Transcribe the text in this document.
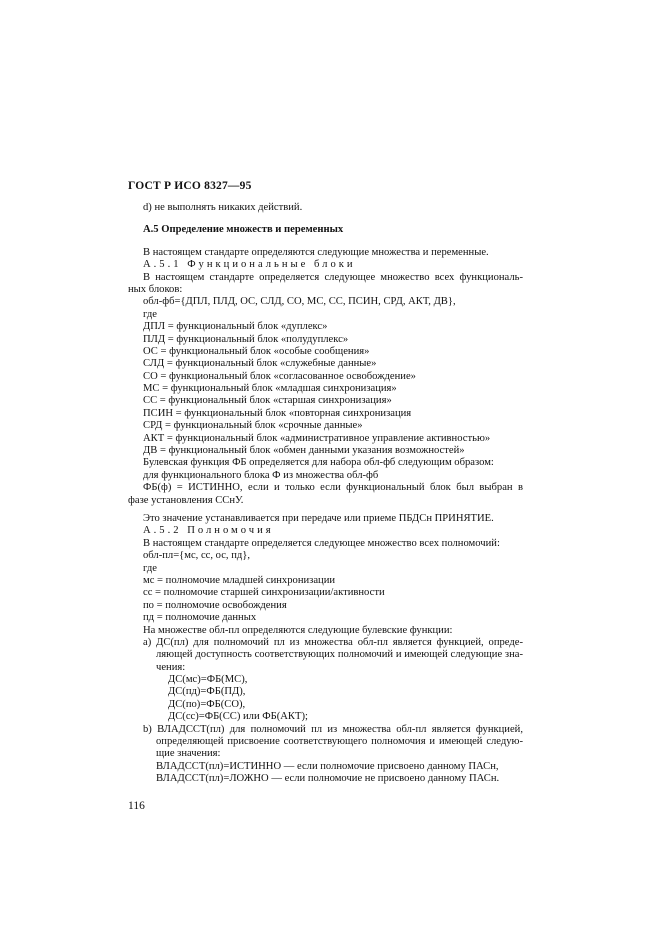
ГОСТ Р ИСО 8327—95
d) не выполнять никаких действий.
А.5 Определение множеств и переменных
В настоящем стандарте определяются следующие множества и переменные.
А.5.1 Функциональные блоки
В настоящем стандарте определяется следующее множество всех функциональ-
ных блоков:
обл-фб={ДПЛ, ПЛД, ОС, СЛД, СО, МС, СС, ПСИН, СРД, АКТ, ДВ},
где
ДПЛ = функциональный блок «дуплекс»
ПЛД = функциональный блок «полудуплекс»
ОС = функциональный блок «особые сообщения»
СЛД = функциональный блок «служебные данные»
СО = функциональный блок «согласованное освобождение»
МС = функциональный блок «младшая синхронизация»
СС = функциональный блок «старшая синхронизация»
ПСИН = функциональный блок «повторная синхронизация
СРД = функциональный блок «срочные данные»
АКТ = функциональный блок «административное управление активностью»
ДВ = функциональный блок «обмен данными указания возможностей»
Булевская функция ФБ определяется для набора обл-фб следующим образом:
для функционального блока Ф из множества обл-фб
ФБ(ф) = ИСТИННО, если и только если функциональный блок был выбран в
фазе установления ССнУ.
Это значение устанавливается при передаче или приеме ПБДСн ПРИНЯТИЕ.
А.5.2 Полномочия
В настоящем стандарте определяется следующее множество всех полномочий:
обл-пл={мс, сс, ос, пд},
где
мс = полномочие младшей синхронизации
сс = полномочие старшей синхронизации/активности
по = полномочие освобождения
пд = полномочие данных
На множестве обл-пл определяются следующие булевские функции:
а) ДС(пл) для полномочий пл из множества обл-пл является функцией, опреде-
ляющей доступность соответствующих полномочий и имеющей следующие зна-
чения:
ДС(мс)=ФБ(МС),
ДС(пд)=ФБ(ПД),
ДС(по)=ФБ(СО),
ДС(сс)=ФБ(СС) или ФБ(АКТ);
b) ВЛАДССТ(пл) для полномочий пл из множества обл-пл является функцией,
определяющей присвоение соответствующего полномочия и имеющей следую-
щие значения:
ВЛАДССТ(пл)=ИСТИННО — если полномочие присвоено данному ПАСн,
ВЛАДССТ(пл)=ЛОЖНО — если полномочие не присвоено данному ПАСн.
116
